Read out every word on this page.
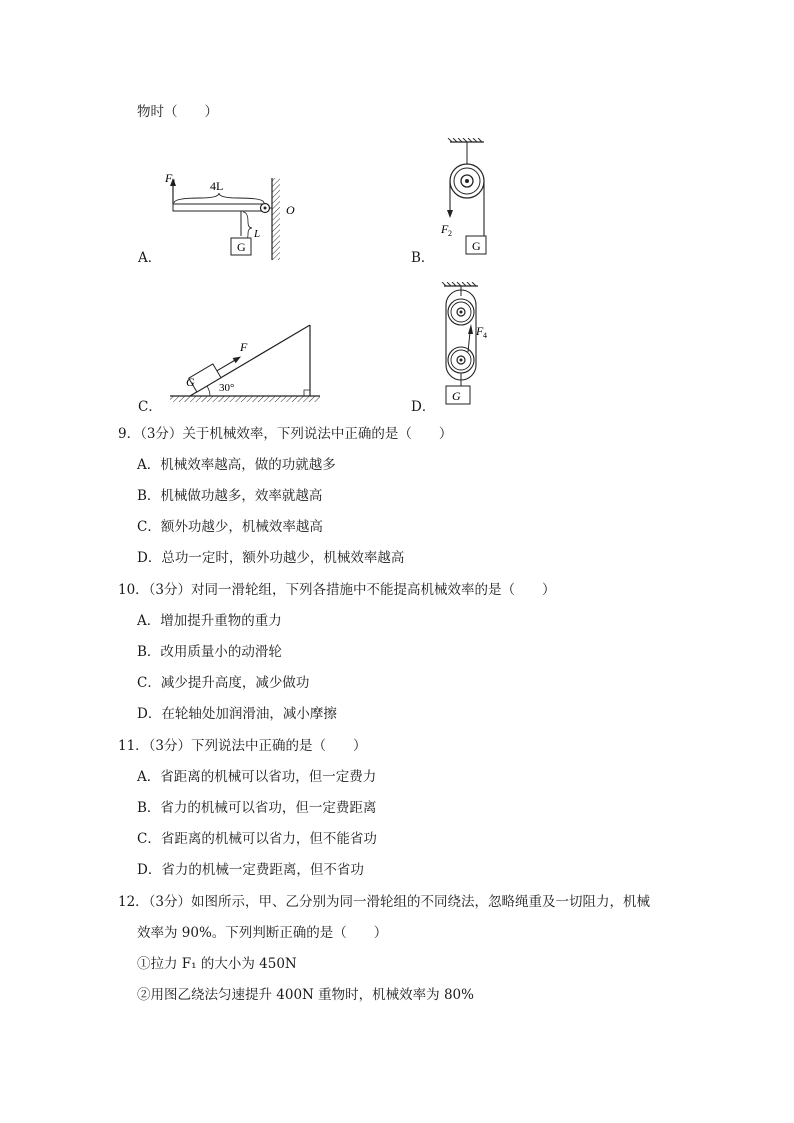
物时（　　）
F 1	4L
O
L
G
A．
F 2
G
B．
G
F
30°
C．
F 4
G
D．
9．（3分）关于机械效率，下列说法中正确的是（　　）
A．机械效率越高，做的功就越多
B．机械做功越多，效率就越高
C．额外功越少，机械效率越高
D．总功一定时，额外功越少，机械效率越高
10．（3分）对同一滑轮组，下列各措施中不能提高机械效率的是（　　）
A．增加提升重物的重力
B．改用质量小的动滑轮
C．减少提升高度，减少做功
D．在轮轴处加润滑油，减小摩擦
11．（3分）下列说法中正确的是（　　）
A．省距离的机械可以省功，但一定费力
B．省力的机械可以省功，但一定费距离
C．省距离的机械可以省力，但不能省功
D．省力的机械一定费距离，但不省功
12．（3分）如图所示，甲、乙分别为同一滑轮组的不同绕法，忽略绳重及一切阻力，机械
效率为 90%。下列判断正确的是（　　）
①拉力 F₁ 的大小为 450N
②用图乙绕法匀速提升 400N 重物时，机械效率为 80%
